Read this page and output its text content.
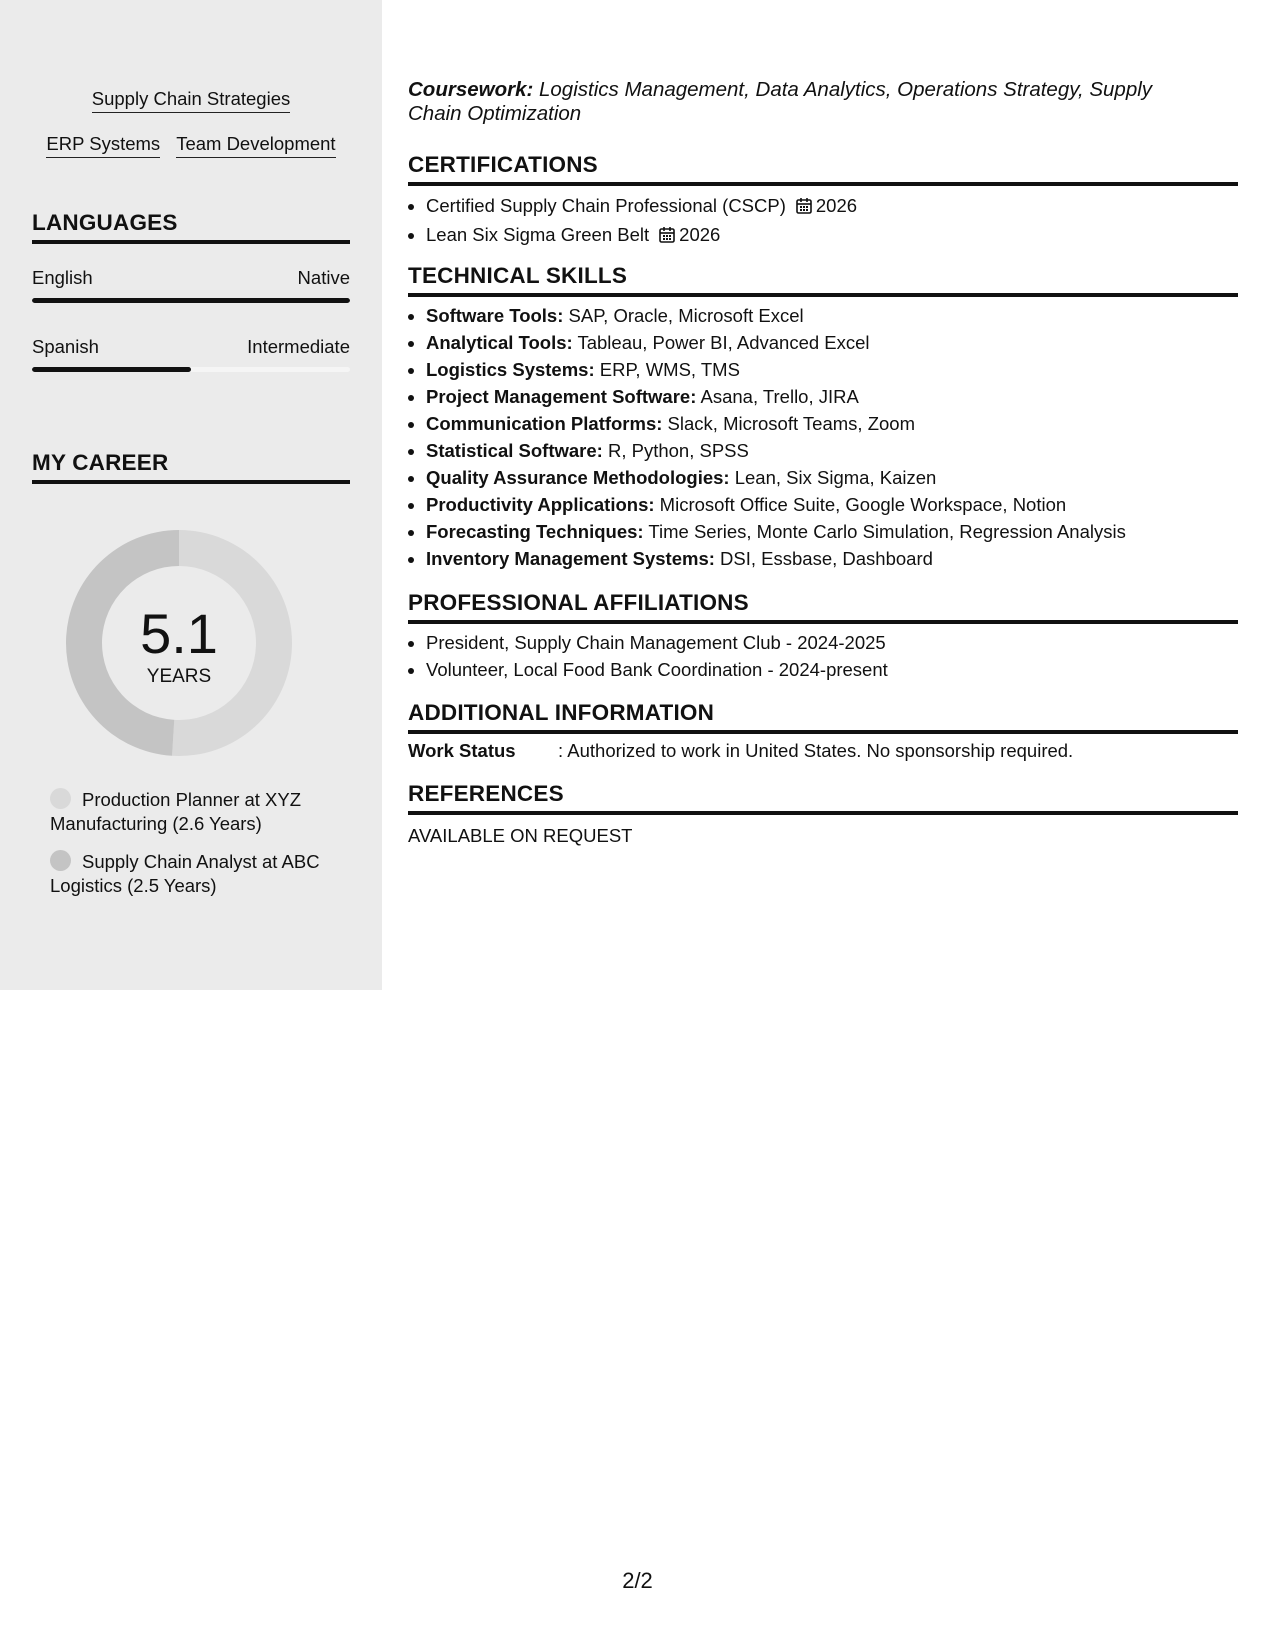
Supply Chain Strategies
ERP Systems Team Development
LANGUAGES
English	Native
Spanish	Intermediate
MY CAREER
5.1
YEARS
Production Planner at XYZ Manufacturing (2.6 Years)
Supply Chain Analyst at ABC Logistics (2.5 Years)
Coursework: Logistics Management, Data Analytics, Operations Strategy, Supply Chain Optimization
CERTIFICATIONS
• Certified Supply Chain Professional (CSCP) 2026
• Lean Six Sigma Green Belt 2026
TECHNICAL SKILLS
• Software Tools: SAP, Oracle, Microsoft Excel
• Analytical Tools: Tableau, Power BI, Advanced Excel
• Logistics Systems: ERP, WMS, TMS
• Project Management Software: Asana, Trello, JIRA
• Communication Platforms: Slack, Microsoft Teams, Zoom
• Statistical Software: R, Python, SPSS
• Quality Assurance Methodologies: Lean, Six Sigma, Kaizen
• Productivity Applications: Microsoft Office Suite, Google Workspace, Notion
• Forecasting Techniques: Time Series, Monte Carlo Simulation, Regression Analysis
• Inventory Management Systems: DSI, Essbase, Dashboard
PROFESSIONAL AFFILIATIONS
• President, Supply Chain Management Club - 2024-2025
• Volunteer, Local Food Bank Coordination - 2024-present
ADDITIONAL INFORMATION
Work Status : Authorized to work in United States. No sponsorship required.
REFERENCES
AVAILABLE ON REQUEST
2/2
